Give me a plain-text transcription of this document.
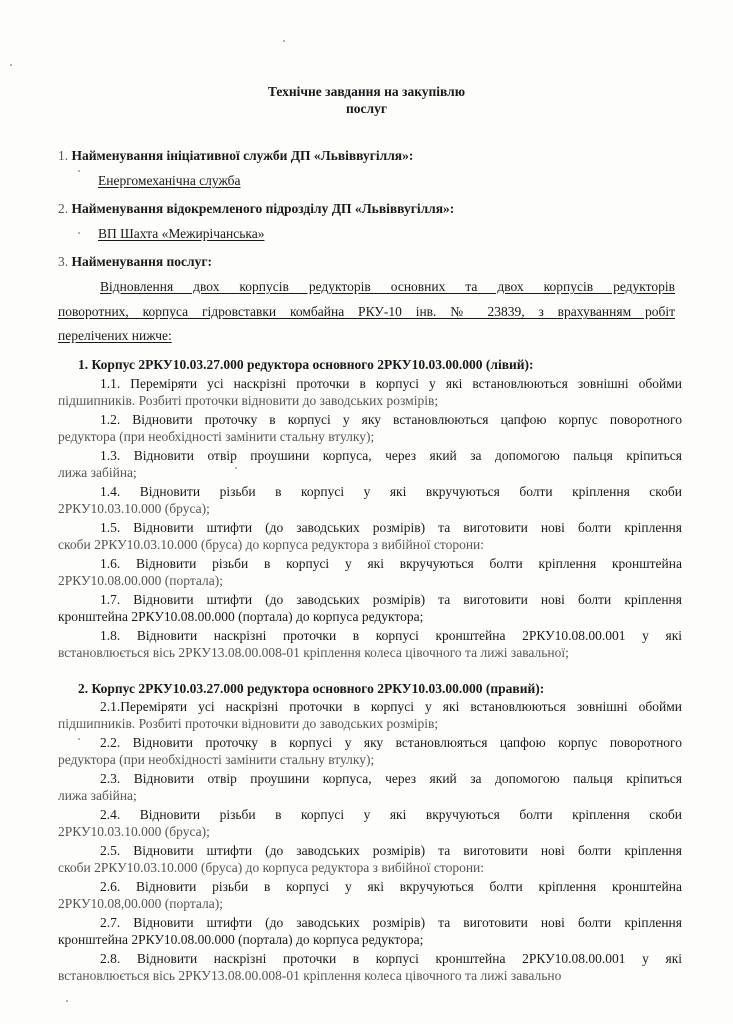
Технічне завдання на закупівлю
послуг
1. Найменування ініціативної служби ДП «Львіввугілля»:
Енергомеханічна служба
2. Найменування відокремленого підрозділу ДП «Львіввугілля»:
ВП Шахта «Межирічанська»
3. Найменування послуг:
Відновлення двох корпусів редукторів основних та двох корпусів редукторів
поворотних, корпуса гідровставки комбайна РКУ-10 інв. № 23839, з врахуванням робіт
перелічених нижче:
1. Корпус 2РКУ10.03.27.000 редуктора основного 2РКУ10.03.00.000 (лівий):
1.1. Переміряти усі наскрізні проточки в корпусі у які встановлюються зовнішні обойми
підшипників. Розбиті проточки відновити до заводських розмірів;
1.2. Відновити проточку в корпусі у яку встановлюються цапфою корпус поворотного
редуктора (при необхідності замінити стальну втулку);
1.3. Відновити отвір проушини корпуса, через який за допомогою пальця кріпиться
лижа забійна;
1.4. Відновити різьби в корпусі у які вкручуються болти кріплення скоби
2РКУ10.03.10.000 (бруса);
1.5. Відновити штифти (до заводських розмірів) та виготовити нові болти кріплення
скоби 2РКУ10.03.10.000 (бруса) до корпуса редуктора з вибійної сторони:
1.6. Відновити різьби в корпусі у які вкручуються болти кріплення кронштейна
2РКУ10.08.00.000 (портала);
1.7. Відновити штифти (до заводських розмірів) та виготовити нові болти кріплення
кронштейна 2РКУ10.08.00.000 (портала) до корпуса редуктора;
1.8. Відновити наскрізні проточки в корпусі кронштейна 2РКУ10.08.00.001 у які
встановлюється вісь 2РКУ13.08.00.008-01 кріплення колеса цівочного та лижі завальної;
2. Корпус 2РКУ10.03.27.000 редуктора основного 2РКУ10.03.00.000 (правий):
2.1.Переміряти усі наскрізні проточки в корпусі у які встановлюються зовнішні обойми
підшипників. Розбиті проточки відновити до заводських розмірів;
2.2. Відновити проточку в корпусі у яку встановлюяться цапфою корпус поворотного
редуктора (при необхідності замінити стальну втулку);
2.3. Відновити отвір проушини корпуса, через який за допомогою пальця кріпиться
лижа забійна;
2.4. Відновити різьби в корпусі у які вкручуються болти кріплення скоби
2РКУ10.03.10.000 (бруса);
2.5. Відновити штифти (до заводських розмірів) та виготовити нові болти кріплення
скоби 2РКУ10.03.10.000 (бруса) до корпуса редуктора з вибійної сторони:
2.6. Відновити різьби в корпусі у які вкручуються болти кріплення кронштейна
2РКУ10.08,00.000 (портала);
2.7. Відновити штифти (до заводських розмірів) та виготовити нові болти кріплення
кронштейна 2РКУ10.08.00.000 (портала) до корпуса редуктора;
2.8. Відновити наскрізні проточки в корпусі кронштейна 2РКУ10.08.00.001 у які
встановлюється вісь 2РКУ13.08.00.008-01 кріплення колеса цівочного та лижі завально
